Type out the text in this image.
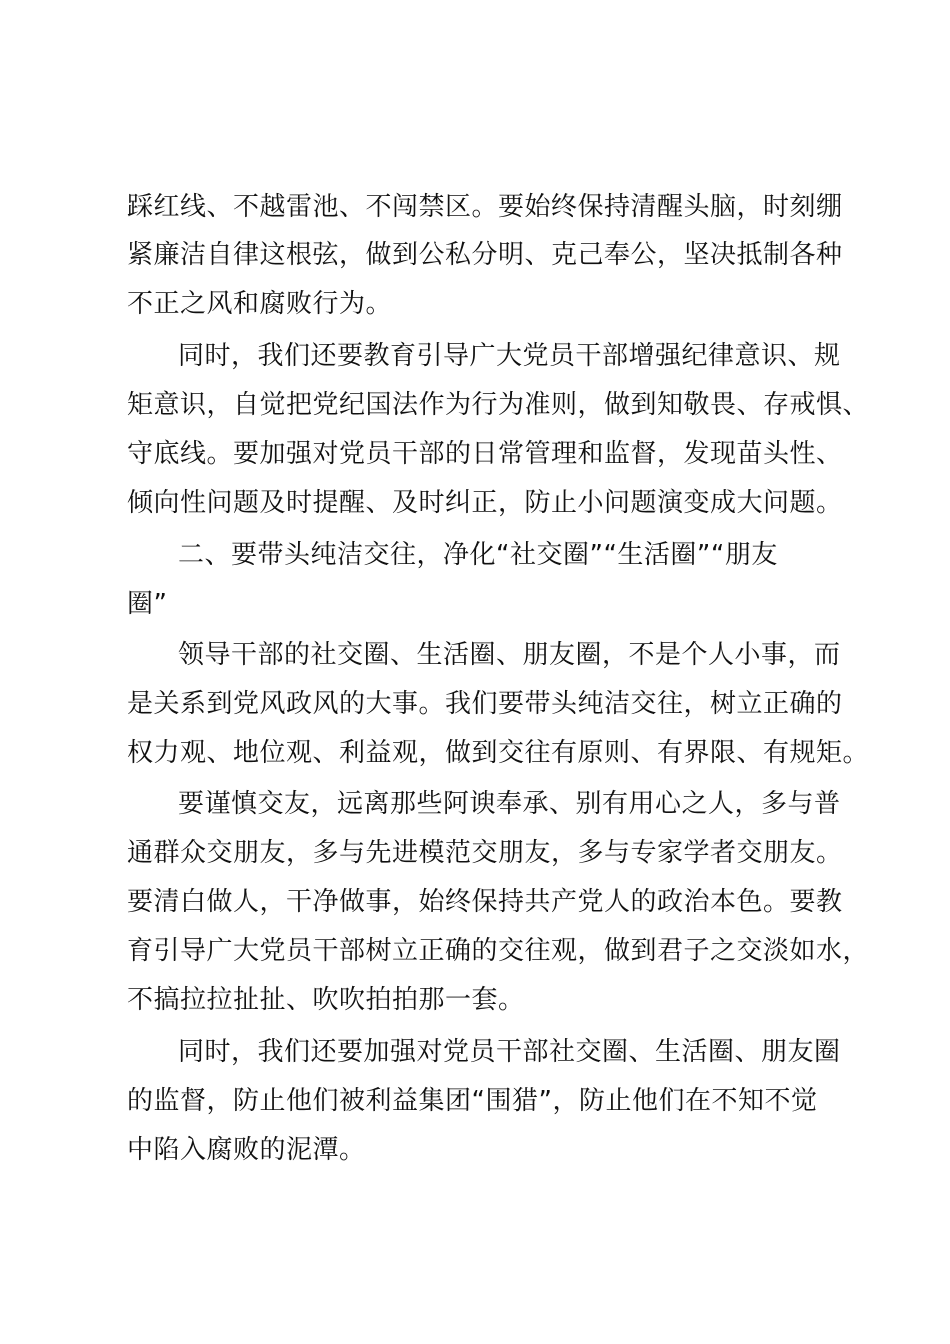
踩红线、不越雷池、不闯禁区。要始终保持清醒头脑，时刻绷

紧廉洁自律这根弦，做到公私分明、克己奉公，坚决抵制各种

不正之风和腐败行为。

同时，我们还要教育引导广大党员干部增强纪律意识、规

矩意识，自觉把党纪国法作为行为准则，做到知敬畏、存戒惧、

守底线。要加强对党员干部的日常管理和监督，发现苗头性、

倾向性问题及时提醒、及时纠正，防止小问题演变成大问题。

二、要带头纯洁交往，净化“社交圈”“生活圈”“朋友

圈”

领导干部的社交圈、生活圈、朋友圈，不是个人小事，而

是关系到党风政风的大事。我们要带头纯洁交往，树立正确的

权力观、地位观、利益观，做到交往有原则、有界限、有规矩。

要谨慎交友，远离那些阿谀奉承、别有用心之人，多与普

通群众交朋友，多与先进模范交朋友，多与专家学者交朋友。

要清白做人，干净做事，始终保持共产党人的政治本色。要教

育引导广大党员干部树立正确的交往观，做到君子之交淡如水，

不搞拉拉扯扯、吹吹拍拍那一套。

同时，我们还要加强对党员干部社交圈、生活圈、朋友圈

的监督，防止他们被利益集团“围猎”，防止他们在不知不觉

中陷入腐败的泥潭。
